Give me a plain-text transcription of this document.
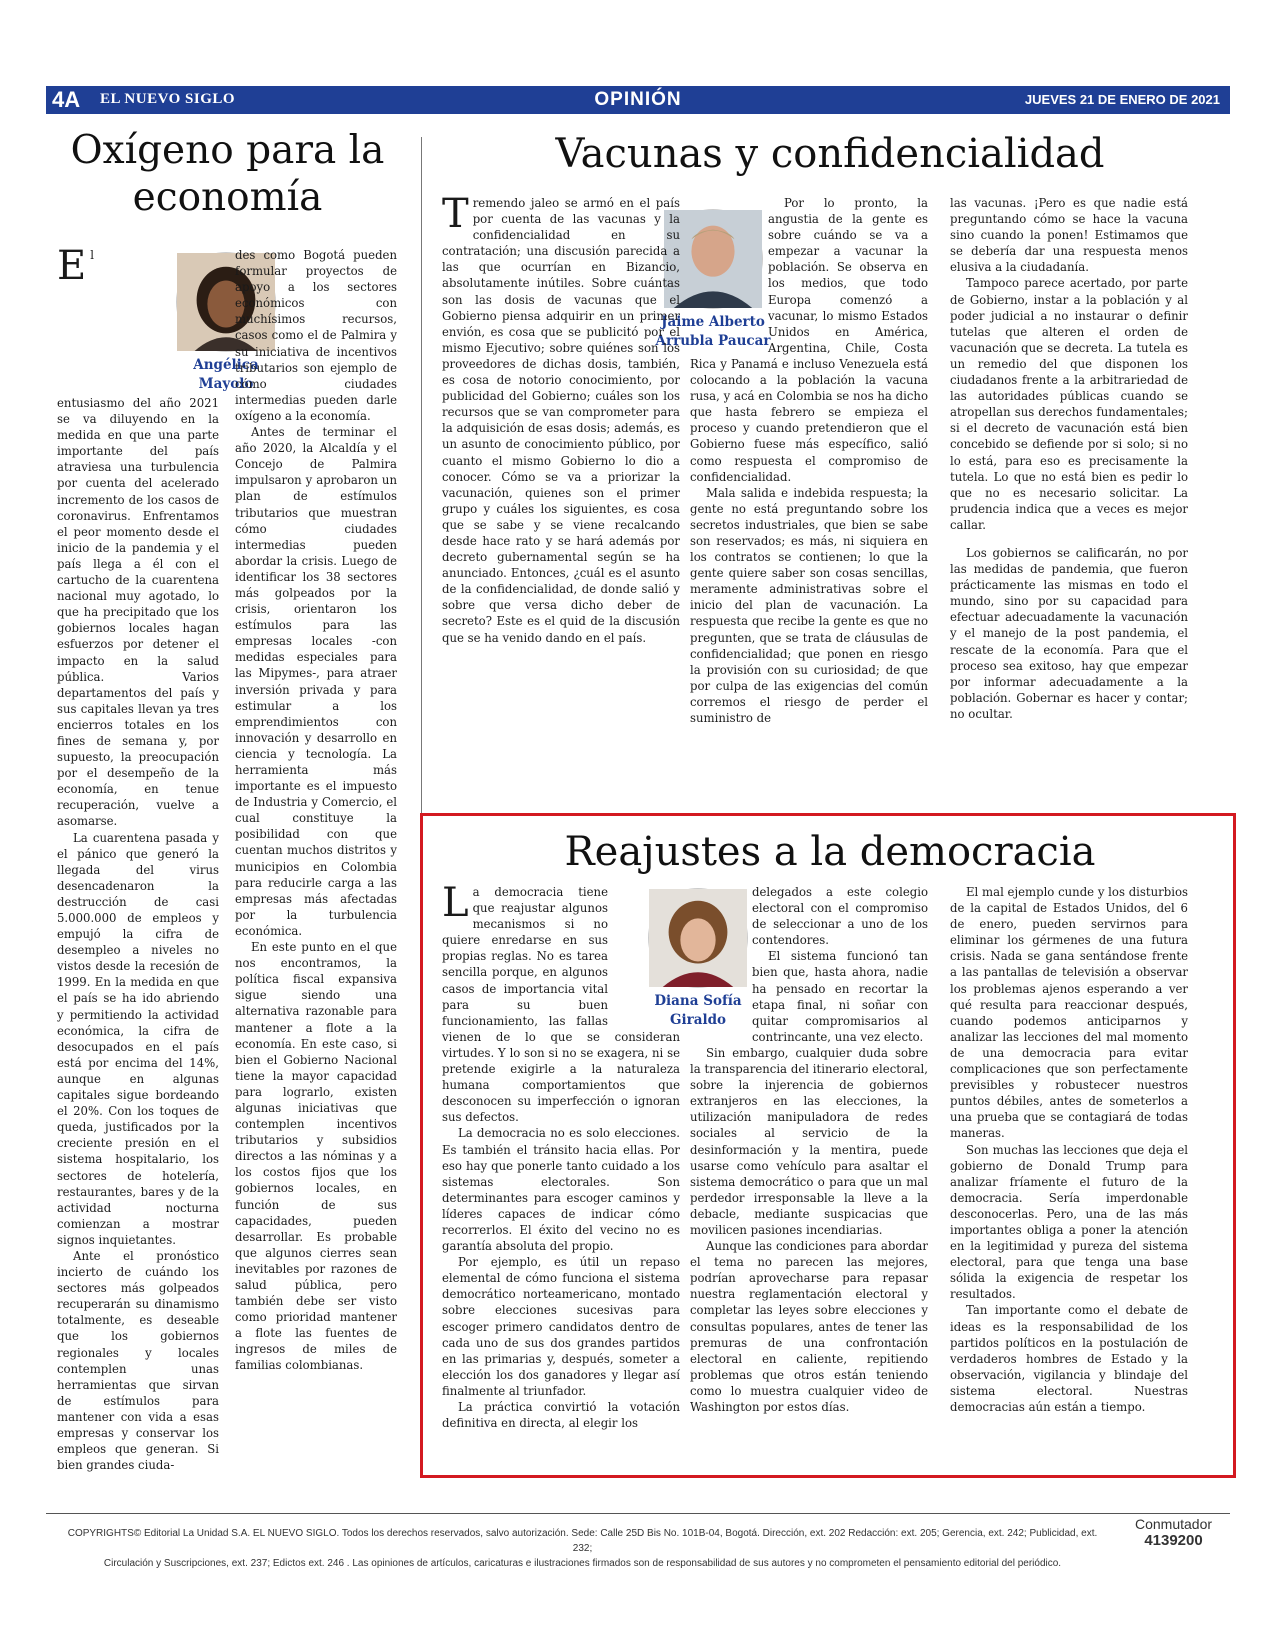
4A EL NUEVO SIGLO	OPINIÓN	JUEVES 21 DE ENERO DE 2021
Oxígeno para la economía
Angélica Mayolo

El entusiasmo del año 2021 se va diluyendo en la medida en que una parte importante del país atraviesa una turbulencia por cuenta del acelerado incremento de los casos de coronavirus. Enfrentamos el peor momento desde el inicio de la pandemia y el país llega a él con el cartucho de la cuarentena nacional muy agotado, lo que ha precipitado que los gobiernos locales hagan esfuerzos por detener el impacto en la salud pública. Varios departamentos del país y sus capitales llevan ya tres encierros totales en los fines de semana y, por supuesto, la preocupación por el desempeño de la economía, en tenue recuperación, vuelve a asomarse.

La cuarentena pasada y el pánico que generó la llegada del virus desencadenaron la destrucción de casi 5.000.000 de empleos y empujó la cifra de desempleo a niveles no vistos desde la recesión de 1999. En la medida en que el país se ha ido abriendo y permitiendo la actividad económica, la cifra de desocupados en el país está por encima del 14%, aunque en algunas capitales sigue bordeando el 20%. Con los toques de queda, justificados por la creciente presión en el sistema hospitalario, los sectores de hotelería, restaurantes, bares y de la actividad nocturna comienzan a mostrar signos inquietantes.

Ante el pronóstico incierto de cuándo los sectores más golpeados recuperarán su dinamismo totalmente, es deseable que los gobiernos regionales y locales contemplen unas herramientas que sirvan de estímulos para mantener con vida a esas empresas y conservar los empleos que generan. Si bien grandes ciuda-

des como Bogotá pueden formular proyectos de apoyo a los sectores económicos con muchísimos recursos, casos como el de Palmira y su iniciativa de incentivos tributarios son ejemplo de cómo ciudades intermedias pueden darle oxígeno a la economía.

Antes de terminar el año 2020, la Alcaldía y el Concejo de Palmira impulsaron y aprobaron un plan de estímulos tributarios que muestran cómo ciudades intermedias pueden abordar la crisis. Luego de identificar los 38 sectores más golpeados por la crisis, orientaron los estímulos para las empresas locales -con medidas especiales para las Mipymes-, para atraer inversión privada y para estimular a los emprendimientos con innovación y desarrollo en ciencia y tecnología. La herramienta más importante es el impuesto de Industria y Comercio, el cual constituye la posibilidad con que cuentan muchos distritos y municipios en Colombia para reducirle carga a las empresas más afectadas por la turbulencia económica.

En este punto en el que nos encontramos, la política fiscal expansiva sigue siendo una alternativa razonable para mantener a flote a la economía. En este caso, si bien el Gobierno Nacional tiene la mayor capacidad para lograrlo, existen algunas iniciativas que contemplen incentivos tributarios y subsidios directos a las nóminas y a los costos fijos que los gobiernos locales, en función de sus capacidades, pueden desarrollar. Es probable que algunos cierres sean inevitables por razones de salud pública, pero también debe ser visto como prioridad mantener a flote las fuentes de ingresos de miles de familias colombianas.

Vacunas y confidencialidad
Jaime Alberto Arrubla Paucar

Tremendo jaleo se armó en el país por cuenta de las vacunas y la confidencialidad en su contratación; una discusión parecida a las que ocurrían en Bizancio, absolutamente inútiles. Sobre cuántas son las dosis de vacunas que el Gobierno piensa adquirir en un primer envión, es cosa que se publicitó por el mismo Ejecutivo; sobre quiénes son los proveedores de dichas dosis, también, es cosa de notorio conocimiento, por publicidad del Gobierno; cuáles son los recursos que se van comprometer para la adquisición de esas dosis; además, es un asunto de conocimiento público, por cuanto el mismo Gobierno lo dio a conocer. Cómo se va a priorizar la vacunación, quienes son el primer grupo y cuáles los siguientes, es cosa que se sabe y se viene recalcando desde hace rato y se hará además por decreto gubernamental según se ha anunciado. Entonces, ¿cuál es el asunto de la confidencialidad, de donde salió y sobre que versa dicho deber de secreto? Este es el quid de la discusión que se ha venido dando en el país.

Por lo pronto, la angustia de la gente es sobre cuándo se va a empezar a vacunar la población. Se observa en los medios, que todo Europa comenzó a vacunar, lo mismo Estados Unidos en América, Argentina, Chile, Costa Rica y Panamá e incluso Venezuela está colocando a la población la vacuna rusa, y acá en Colombia se nos ha dicho que hasta febrero se empieza el proceso y cuando pretendieron que el Gobierno fuese más específico, salió como respuesta el compromiso de confidencialidad.

Mala salida e indebida respuesta; la gente no está preguntando sobre los secretos industriales, que bien se sabe son reservados; es más, ni siquiera en los contratos se contienen; lo que la gente quiere saber son cosas sencillas, meramente administrativas sobre el inicio del plan de vacunación. La respuesta que recibe la gente es que no pregunten, que se trata de cláusulas de confidencialidad; que ponen en riesgo la provisión con su curiosidad; de que por culpa de las exigencias del común corremos el riesgo de perder el suministro de

las vacunas. ¡Pero es que nadie está preguntando cómo se hace la vacuna sino cuando la ponen! Estimamos que se debería dar una respuesta menos elusiva a la ciudadanía.

Tampoco parece acertado, por parte de Gobierno, instar a la población y al poder judicial a no instaurar o definir tutelas que alteren el orden de vacunación que se decreta. La tutela es un remedio del que disponen los ciudadanos frente a la arbitrariedad de las autoridades públicas cuando se atropellan sus derechos fundamentales; si el decreto de vacunación está bien concebido se defiende por si solo; si no lo está, para eso es precisamente la tutela. Lo que no está bien es pedir lo que no es necesario solicitar. La prudencia indica que a veces es mejor callar.

Los gobiernos se calificarán, no por las medidas de pandemia, que fueron prácticamente las mismas en todo el mundo, sino por su capacidad para efectuar adecuadamente la vacunación y el manejo de la post pandemia, el rescate de la economía. Para que el proceso sea exitoso, hay que empezar por informar adecuadamente a la población. Gobernar es hacer y contar; no ocultar.

Reajustes a la democracia
Diana Sofía Giraldo

La democracia tiene que reajustar algunos mecanismos si no quiere enredarse en sus propias reglas. No es tarea sencilla porque, en algunos casos de importancia vital para su buen funcionamiento, las fallas vienen de lo que se consideran virtudes. Y lo son si no se exagera, ni se pretende exigirle a la naturaleza humana comportamientos que desconocen su imperfección o ignoran sus defectos.

La democracia no es solo elecciones. Es también el tránsito hacia ellas. Por eso hay que ponerle tanto cuidado a los sistemas electorales. Son determinantes para escoger caminos y líderes capaces de indicar cómo recorrerlos. El éxito del vecino no es garantía absoluta del propio.

Por ejemplo, es útil un repaso elemental de cómo funciona el sistema democrático norteamericano, montado sobre elecciones sucesivas para escoger primero candidatos dentro de cada uno de sus dos grandes partidos en las primarias y, después, someter a elección los dos ganadores y llegar así finalmente al triunfador.

La práctica convirtió la votación definitiva en directa, al elegir los

delegados a este colegio electoral con el compromiso de seleccionar a uno de los contendores.

El sistema funcionó tan bien que, hasta ahora, nadie ha pensado en recortar la etapa final, ni soñar con quitar compromisarios al contrincante, una vez electo.

Sin embargo, cualquier duda sobre la transparencia del itinerario electoral, sobre la injerencia de gobiernos extranjeros en las elecciones, la utilización manipuladora de redes sociales al servicio de la desinformación y la mentira, puede usarse como vehículo para asaltar el sistema democrático o para que un mal perdedor irresponsable la lleve a la debacle, mediante suspicacias que movilicen pasiones incendiarias.

Aunque las condiciones para abordar el tema no parecen las mejores, podrían aprovecharse para repasar nuestra reglamentación electoral y completar las leyes sobre elecciones y consultas populares, antes de tener las premuras de una confrontación electoral en caliente, repitiendo problemas que otros están teniendo como lo muestra cualquier video de Washington por estos días.

El mal ejemplo cunde y los disturbios de la capital de Estados Unidos, del 6 de enero, pueden servirnos para eliminar los gérmenes de una futura crisis. Nada se gana sentándose frente a las pantallas de televisión a observar los problemas ajenos esperando a ver qué resulta para reaccionar después, cuando podemos anticiparnos y analizar las lecciones del mal momento de una democracia para evitar complicaciones que son perfectamente previsibles y robustecer nuestros puntos débiles, antes de someterlos a una prueba que se contagiará de todas maneras.

Son muchas las lecciones que deja el gobierno de Donald Trump para analizar fríamente el futuro de la democracia. Sería imperdonable desconocerlas. Pero, una de las más importantes obliga a poner la atención en la legitimidad y pureza del sistema electoral, para que tenga una base sólida la exigencia de respetar los resultados.

Tan importante como el debate de ideas es la responsabilidad de los partidos políticos en la postulación de verdaderos hombres de Estado y la observación, vigilancia y blindaje del sistema electoral. Nuestras democracias aún están a tiempo.

COPYRIGHTS© Editorial La Unidad S.A. EL NUEVO SIGLO. Todos los derechos reservados, salvo autorización. Sede: Calle 25D Bis No. 101B-04, Bogotá. Dirección, ext. 202 Redacción: ext. 205; Gerencia, ext. 242; Publicidad, ext. 232;
Circulación y Suscripciones, ext. 237; Edictos ext. 246 . Las opiniones de artículos, caricaturas e ilustraciones firmados son de responsabilidad de sus autores y no comprometen el pensamiento editorial del periódico.
Conmutador
4139200
